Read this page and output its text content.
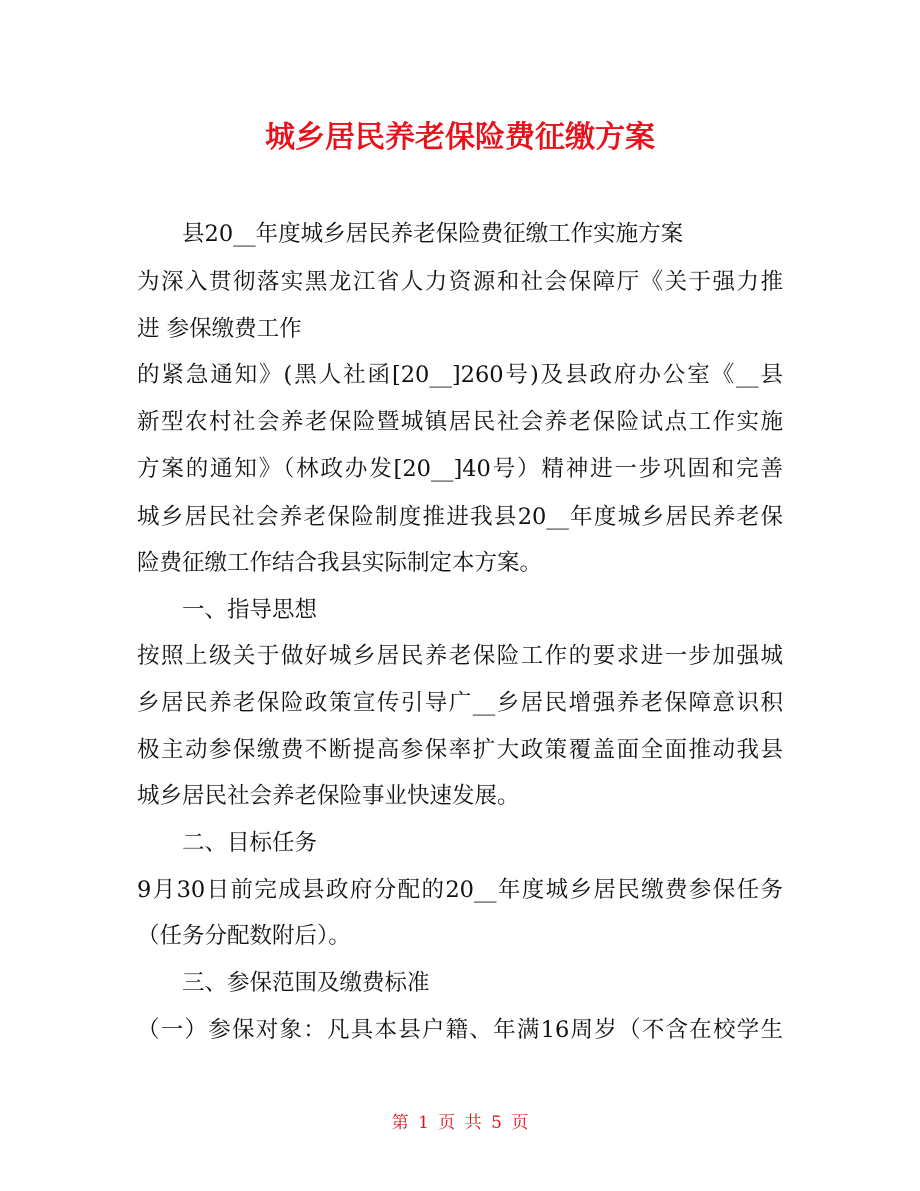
城乡居民养老保险费征缴方案
县20__年度城乡居民养老保险费征缴工作实施方案
为深入贯彻落实黑龙江省人力资源和社会保障厅《关于强力推
进 参保缴费工作
的紧急通知》(黑人社函[20__]260号)及县政府办公室《__县
新型农村社会养老保险暨城镇居民社会养老保险试点工作实施
方案的通知》（林政办发[20__]40号）精神进一步巩固和完善
城乡居民社会养老保险制度推进我县20__年度城乡居民养老保
险费征缴工作结合我县实际制定本方案。
一、指导思想
按照上级关于做好城乡居民养老保险工作的要求进一步加强城
乡居民养老保险政策宣传引导广__乡居民增强养老保障意识积
极主动参保缴费不断提高参保率扩大政策覆盖面全面推动我县
城乡居民社会养老保险事业快速发展。
二、目标任务
9月30日前完成县政府分配的20__年度城乡居民缴费参保任务
（任务分配数附后）。
三、参保范围及缴费标准
（一）参保对象：凡具本县户籍、年满16周岁（不含在校学生
第 1 页 共 5 页
